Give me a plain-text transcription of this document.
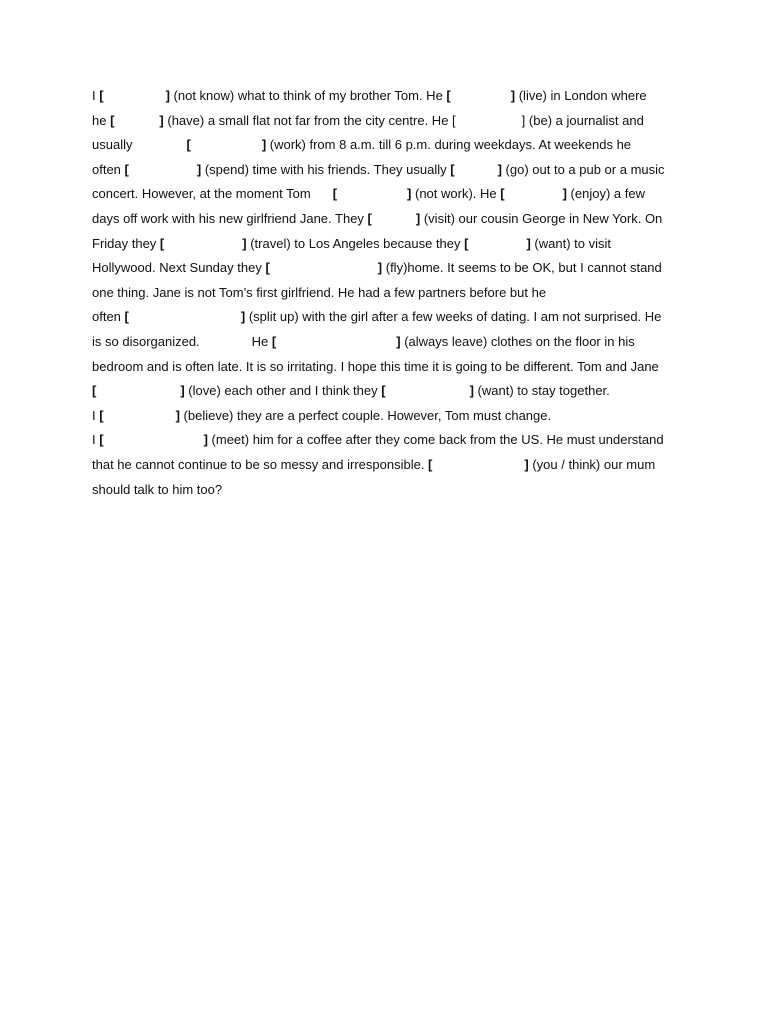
I [	] (not know) what to think of my brother Tom. He [	] (live) in London where
he [	] (have) a small flat not far from the city centre. He [	] (be) a journalist and
usually	[	] (work) from 8 a.m. till 6 p.m. during weekdays. At weekends he
often [	] (spend) time with his friends. They usually [	] (go) out to a pub or a music
concert. However, at the moment Tom [	] (not work). He [	] (enjoy) a few
days off work with his new girlfriend Jane. They [	] (visit) our cousin George in New York. On
Friday they [	] (travel) to Los Angeles because they [	] (want) to visit
Hollywood. Next Sunday they [	] (fly)home. It seems to be OK, but I cannot stand
one thing. Jane is not Tom’s first girlfriend. He had a few partners before but he
often [	] (split up) with the girl after a few weeks of dating. I am not surprised. He
is so disorganized.	He [	] (always leave) clothes on the floor in his
bedroom and is often late. It is so irritating. I hope this time it is going to be different. Tom and Jane
[	] (love) each other and I think they [	] (want) to stay together.
I [	] (believe) they are a perfect couple. However, Tom must change.
I [	] (meet) him for a coffee after they come back from the US. He must understand
that he cannot continue to be so messy and irresponsible. [	] (you / think) our mum
should talk to him too?
